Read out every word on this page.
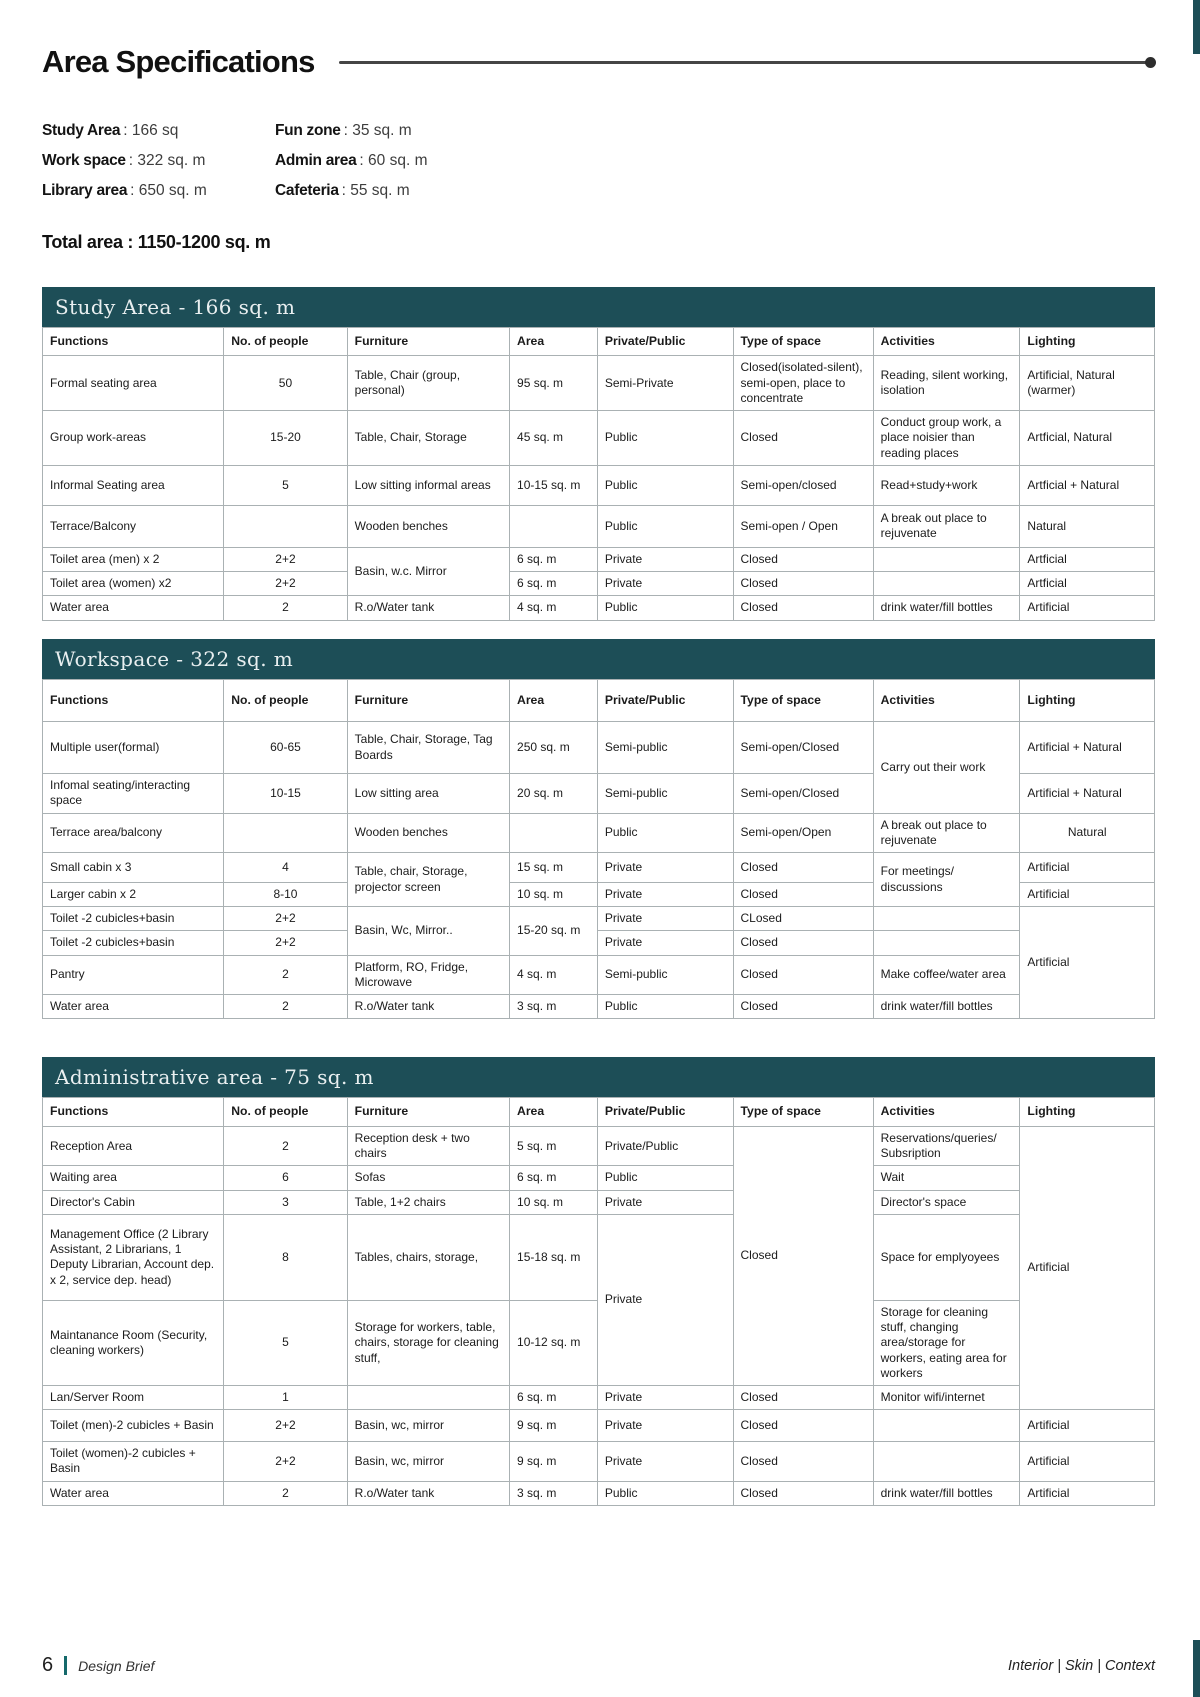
Area Specifications
Study Area : 166 sq
Work space : 322 sq. m
Library area : 650 sq. m
Fun zone : 35 sq. m
Admin area : 60 sq. m
Cafeteria : 55 sq. m
Total area : 1150-1200 sq. m
Study Area - 166 sq. m
Functions	No. of people	Furniture	Area	Private/Public	Type of space	Activities	Lighting
Formal seating area	50	Table, Chair (group, personal)	95 sq. m	Semi-Private	Closed(isolated-silent), semi-open, place to concentrate	Reading, silent working, isolation	Artificial, Natural (warmer)
Group work-areas	15-20	Table, Chair, Storage	45 sq. m	Public	Closed	Conduct group work, a place noisier than reading places	Artficial, Natural
Informal Seating area	5	Low sitting informal areas	10-15 sq. m	Public	Semi-open/closed	Read+study+work	Artficial + Natural
Terrace/Balcony		Wooden benches		Public	Semi-open / Open	A break out place to rejuvenate	Natural
Toilet area (men) x 2	2+2	Basin, w.c. Mirror	6 sq. m	Private	Closed		Artficial
Toilet area (women) x2	2+2		6 sq. m	Private	Closed		Artficial
Water area	2	R.o/Water tank	4 sq. m	Public	Closed	drink water/fill bottles	Artificial
Workspace - 322 sq. m
Functions	No. of people	Furniture	Area	Private/Public	Type of space	Activities	Lighting
Multiple user(formal)	60-65	Table, Chair, Storage, Tag Boards	250 sq. m	Semi-public	Semi-open/Closed	Carry out their work	Artificial + Natural
Infomal seating/interacting space	10-15	Low sitting area	20 sq. m	Semi-public	Semi-open/Closed		Artificial + Natural
Terrace area/balcony		Wooden benches		Public	Semi-open/Open	A break out place to rejuvenate	Natural
Small cabin x 3	4	Table, chair, Storage, projector screen	15 sq. m	Private	Closed	For meetings/ discussions	Artificial
Larger cabin x 2	8-10		10 sq. m	Private	Closed		Artificial
Toilet -2 cubicles+basin	2+2	Basin, Wc, Mirror..	15-20 sq. m	Private	CLosed		Artificial
Toilet -2 cubicles+basin	2+2			Private	Closed		
Pantry	2	Platform, RO, Fridge, Microwave	4 sq. m	Semi-public	Closed	Make coffee/water area	
Water area	2	R.o/Water tank	3 sq. m	Public	Closed	drink water/fill bottles	
Administrative area - 75 sq. m
Functions	No. of people	Furniture	Area	Private/Public	Type of space	Activities	Lighting
Reception Area	2	Reception desk + two chairs	5 sq. m	Private/Public	Closed	Reservations/queries/ Subsription	Artificial
Waiting area	6	Sofas	6 sq. m	Public		Wait	
Director's Cabin	3	Table, 1+2 chairs	10 sq. m	Private		Director's space	
Management Office (2 Library Assistant, 2 Librarians, 1 Deputy Librarian, Account dep. x 2, service dep. head)	8	Tables, chairs, storage,	15-18 sq. m	Private		Space for emplyoyees	
Maintanance Room (Security, cleaning workers)	5	Storage for workers, table, chairs, storage for cleaning stuff,	10-12 sq. m			Storage for cleaning stuff, changing area/storage for workers, eating area for workers	
Lan/Server Room	1		6 sq. m	Private	Closed	Monitor wifi/internet	
Toilet (men)-2 cubicles + Basin	2+2	Basin, wc, mirror	9 sq. m	Private	Closed		Artificial
Toilet (women)-2 cubicles + Basin	2+2	Basin, wc, mirror	9 sq. m	Private	Closed		Artificial
Water area	2	R.o/Water tank	3 sq. m	Public	Closed	drink water/fill bottles	Artificial
6 Design Brief	Interior | Skin | Context
